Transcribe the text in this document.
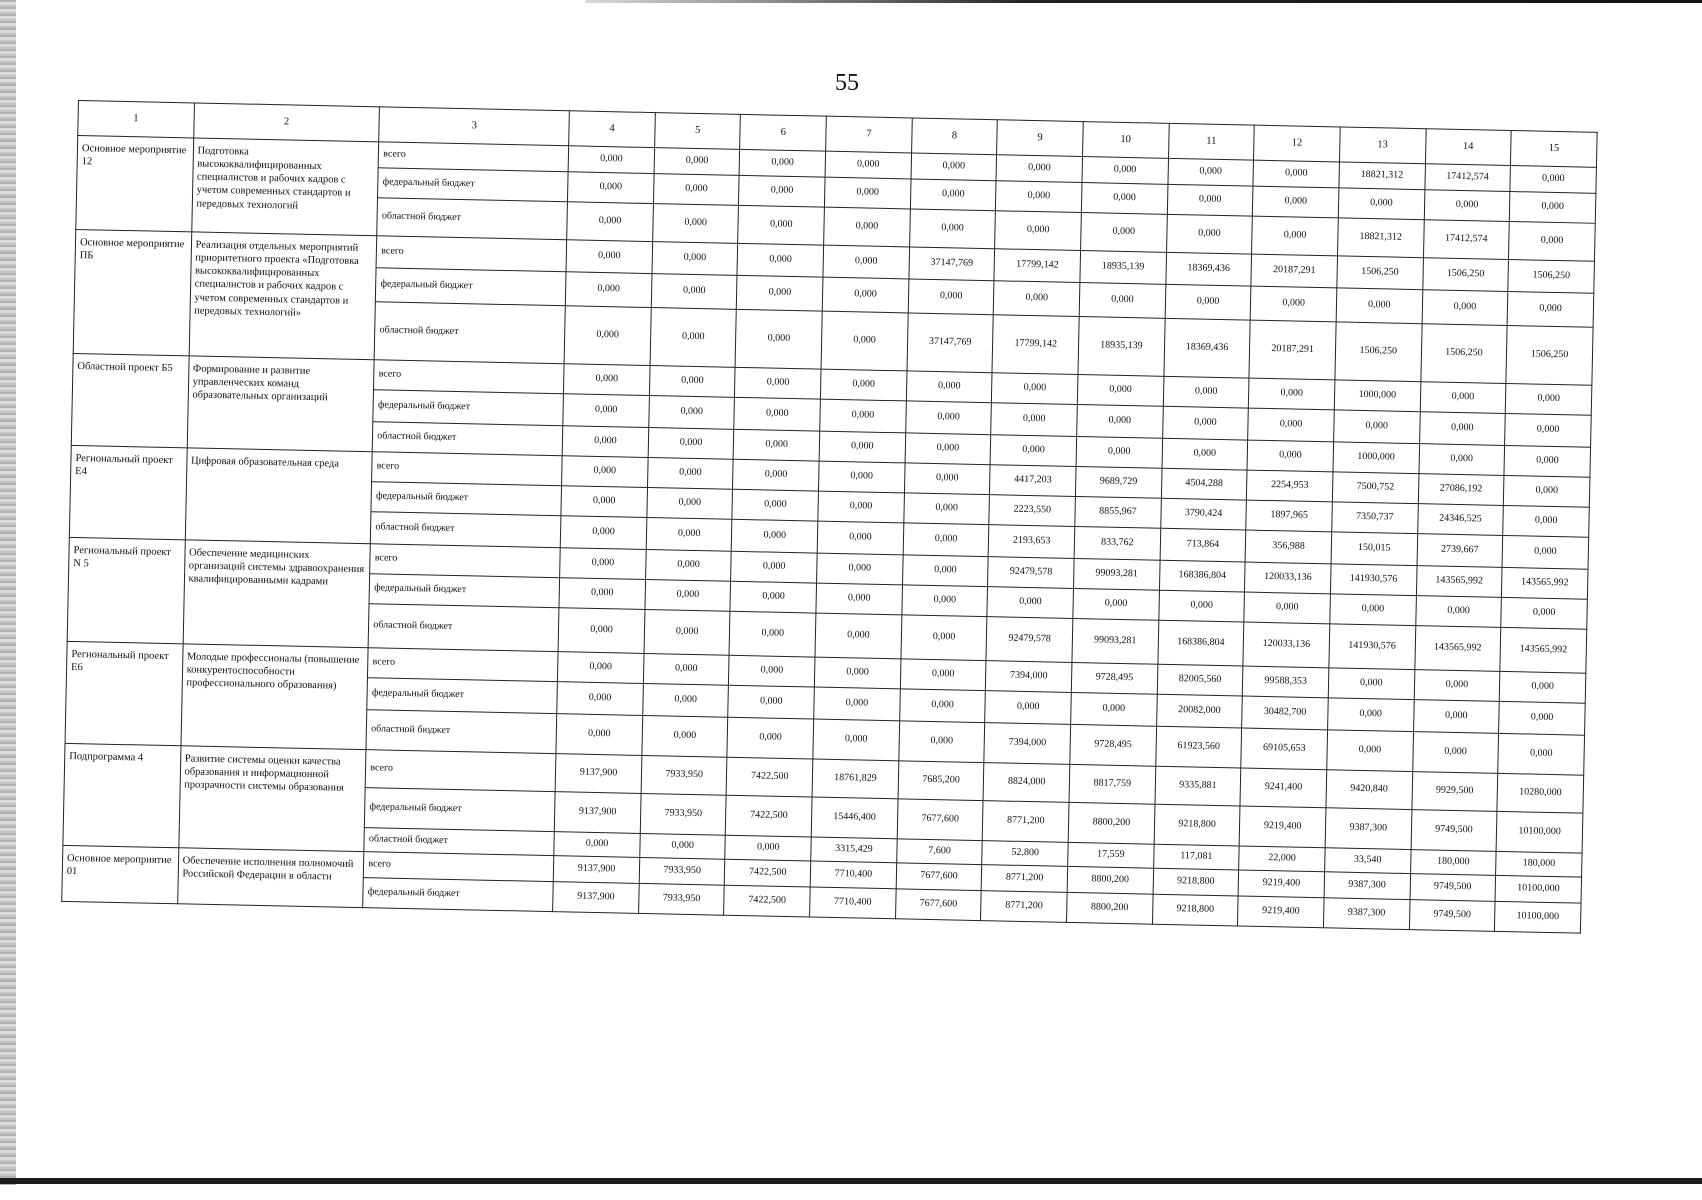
55
1	2	3	4	5	6	7	8	9	10	11	12	13	14	15
Основное мероприятие 12	Подготовка высококвалифицированных специалистов и рабочих кадров с учетом современных стандартов и передовых технологий	всего	0,000	0,000	0,000	0,000	0,000	0,000	0,000	0,000	0,000	18821,312	17412,574	0,000
		федеральный бюджет	0,000	0,000	0,000	0,000	0,000	0,000	0,000	0,000	0,000	0,000	0,000	0,000
		областной бюджет	0,000	0,000	0,000	0,000	0,000	0,000	0,000	0,000	0,000	18821,312	17412,574	0,000
Основное мероприятие ПБ	Реализация отдельных мероприятий приоритетного проекта «Подготовка высококвалифицированных специалистов и рабочих кадров с учетом современных стандартов и передовых технологий»	всего	0,000	0,000	0,000	0,000	37147,769	17799,142	18935,139	18369,436	20187,291	1506,250	1506,250	1506,250
		федеральный бюджет	0,000	0,000	0,000	0,000	0,000	0,000	0,000	0,000	0,000	0,000	0,000	0,000
		областной бюджет	0,000	0,000	0,000	0,000	37147,769	17799,142	18935,139	18369,436	20187,291	1506,250	1506,250	1506,250
Областной проект Б5	Формирование и развитие управленческих команд образовательных организаций	всего	0,000	0,000	0,000	0,000	0,000	0,000	0,000	0,000	0,000	1000,000	0,000	0,000
		федеральный бюджет	0,000	0,000	0,000	0,000	0,000	0,000	0,000	0,000	0,000	0,000	0,000	0,000
		областной бюджет	0,000	0,000	0,000	0,000	0,000	0,000	0,000	0,000	0,000	1000,000	0,000	0,000
Региональный проект Е4	Цифровая образовательная среда	всего	0,000	0,000	0,000	0,000	0,000	4417,203	9689,729	4504,288	2254,953	7500,752	27086,192	0,000
		федеральный бюджет	0,000	0,000	0,000	0,000	0,000	2223,550	8855,967	3790,424	1897,965	7350,737	24346,525	0,000
		областной бюджет	0,000	0,000	0,000	0,000	0,000	2193,653	833,762	713,864	356,988	150,015	2739,667	0,000
Региональный проект N 5	Обеспечение медицинских организаций системы здравоохранения квалифицированными кадрами	всего	0,000	0,000	0,000	0,000	0,000	92479,578	99093,281	168386,804	120033,136	141930,576	143565,992	143565,992
		федеральный бюджет	0,000	0,000	0,000	0,000	0,000	0,000	0,000	0,000	0,000	0,000	0,000	0,000
		областной бюджет	0,000	0,000	0,000	0,000	0,000	92479,578	99093,281	168386,804	120033,136	141930,576	143565,992	143565,992
Региональный проект Е6	Молодые профессионалы (повышение конкурентоспособности профессионального образования)	всего	0,000	0,000	0,000	0,000	0,000	7394,000	9728,495	82005,560	99588,353	0,000	0,000	0,000
		федеральный бюджет	0,000	0,000	0,000	0,000	0,000	0,000	0,000	20082,000	30482,700	0,000	0,000	0,000
		областной бюджет	0,000	0,000	0,000	0,000	0,000	7394,000	9728,495	61923,560	69105,653	0,000	0,000	0,000
Подпрограмма 4	Развитие системы оценки качества образования и информационной прозрачности системы образования	всего	9137,900	7933,950	7422,500	18761,829	7685,200	8824,000	8817,759	9335,881	9241,400	9420,840	9929,500	10280,000
		федеральный бюджет	9137,900	7933,950	7422,500	15446,400	7677,600	8771,200	8800,200	9218,800	9219,400	9387,300	9749,500	10100,000
		областной бюджет	0,000	0,000	0,000	3315,429	7,600	52,800	17,559	117,081	22,000	33,540	180,000	180,000
Основное мероприятие 01	Обеспечение исполнения полномочий Российской Федерации в области	всего	9137,900	7933,950	7422,500	7710,400	7677,600	8771,200	8800,200	9218,800	9219,400	9387,300	9749,500	10100,000
		федеральный бюджет	9137,900	7933,950	7422,500	7710,400	7677,600	8771,200	8800,200	9218,800	9219,400	9387,300	9749,500	10100,000
